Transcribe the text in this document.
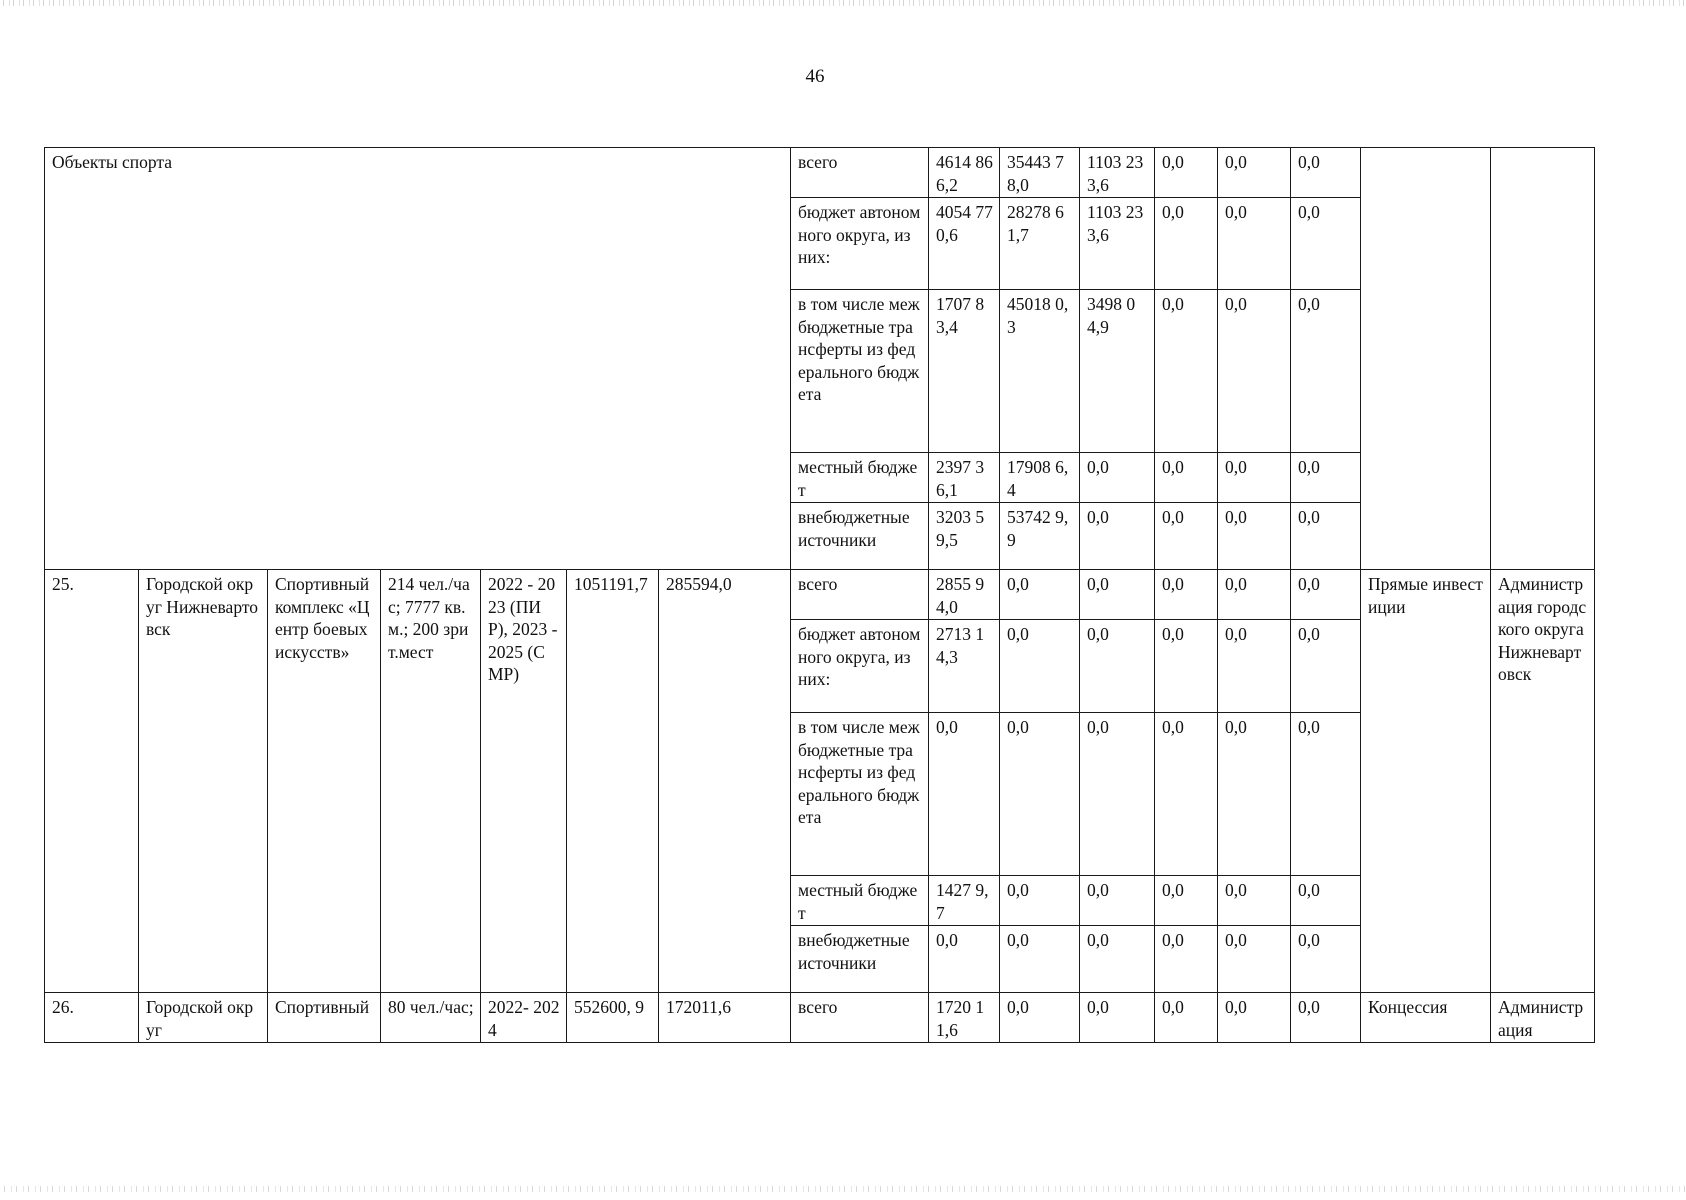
46
Объекты спорта							всего	4614 866,2	35443 78,0	1103 233,6	0,0	0,0	0,0		
							бюджет автономного округа, из них:	4054 770,6	28278 61,7	1103 233,6	0,0	0,0	0,0		
							в том числе межбюджетные трансферты из федерального бюджета	1707 83,4	45018 0,3	3498 04,9	0,0	0,0	0,0		
							местный бюджет	2397 36,1	17908 6,4	0,0	0,0	0,0	0,0		
							внебюджетные источники	3203 59,5	53742 9,9	0,0	0,0	0,0	0,0		
25.	Городской округ Нижневартовск	Спортивный комплекс «Центр боевых искусств»	214 чел./час; 7777 кв.м.; 200 зрит.мест	2022 - 2023 (ПИР), 2023 - 2025 (СМР)	1051191,7	285594,0	всего	2855 94,0	0,0	0,0	0,0	0,0	0,0	Прямые инвестиции	Администрация городского округа Нижневартовск
							бюджет автономного округа, из них:	2713 14,3	0,0	0,0	0,0	0,0	0,0		
							в том числе межбюджетные трансферты из федерального бюджета	0,0	0,0	0,0	0,0	0,0	0,0		
							местный бюджет	1427 9,7	0,0	0,0	0,0	0,0	0,0		
							внебюджетные источники	0,0	0,0	0,0	0,0	0,0	0,0		
26.	Городской округ	Спортивный	80 чел./час;	2022- 2024	552600, 9	172011,6	всего	1720 11,6	0,0	0,0	0,0	0,0	0,0	Концессия	Администрация
